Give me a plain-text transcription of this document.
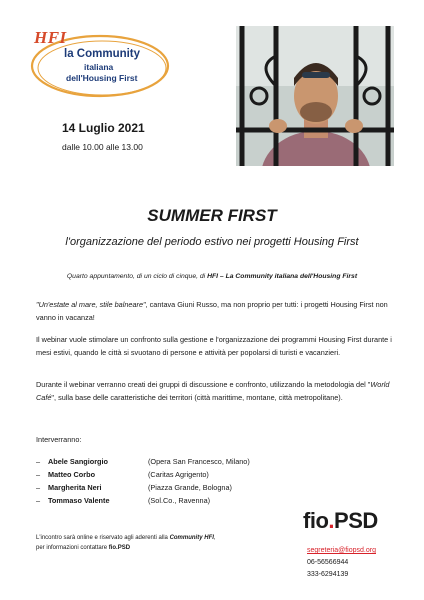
HFI
la Community
italiana
dell'Housing First
14 Luglio 2021
dalle 10.00 alle 13.00
SUMMER FIRST
l'organizzazione del periodo estivo nei progetti Housing First
Quarto appuntamento, di un ciclo di cinque, di HFI – La Community italiana dell'Housing First
"Un'estate al mare, stile balneare", cantava Giuni Russo, ma non proprio per tutti: i progetti Housing First non vanno in vacanza!
Il webinar vuole stimolare un confronto sulla gestione e l'organizzazione dei programmi Housing First durante i mesi estivi, quando le città si svuotano di persone e attività per popolarsi di turisti e vacanzieri.
Durante il webinar verranno creati dei gruppi di discussione e confronto, utilizzando la metodologia del "World Café", sulla base delle caratteristiche dei territori (città marittime, montane, città metropolitane).
Interverranno:
– Abele Sangiorgio	(Opera San Francesco, Milano)
– Matteo Corbo	(Caritas Agrigento)
– Margherita Neri	(Piazza Grande, Bologna)
– Tommaso Valente	(Sol.Co., Ravenna)
L'incontro sarà online e riservato agli aderenti alla Community HFI,
per informazioni contattare fio.PSD
fio.PSD
segreteria@fiopsd.org
06-56566944
333-6294139
